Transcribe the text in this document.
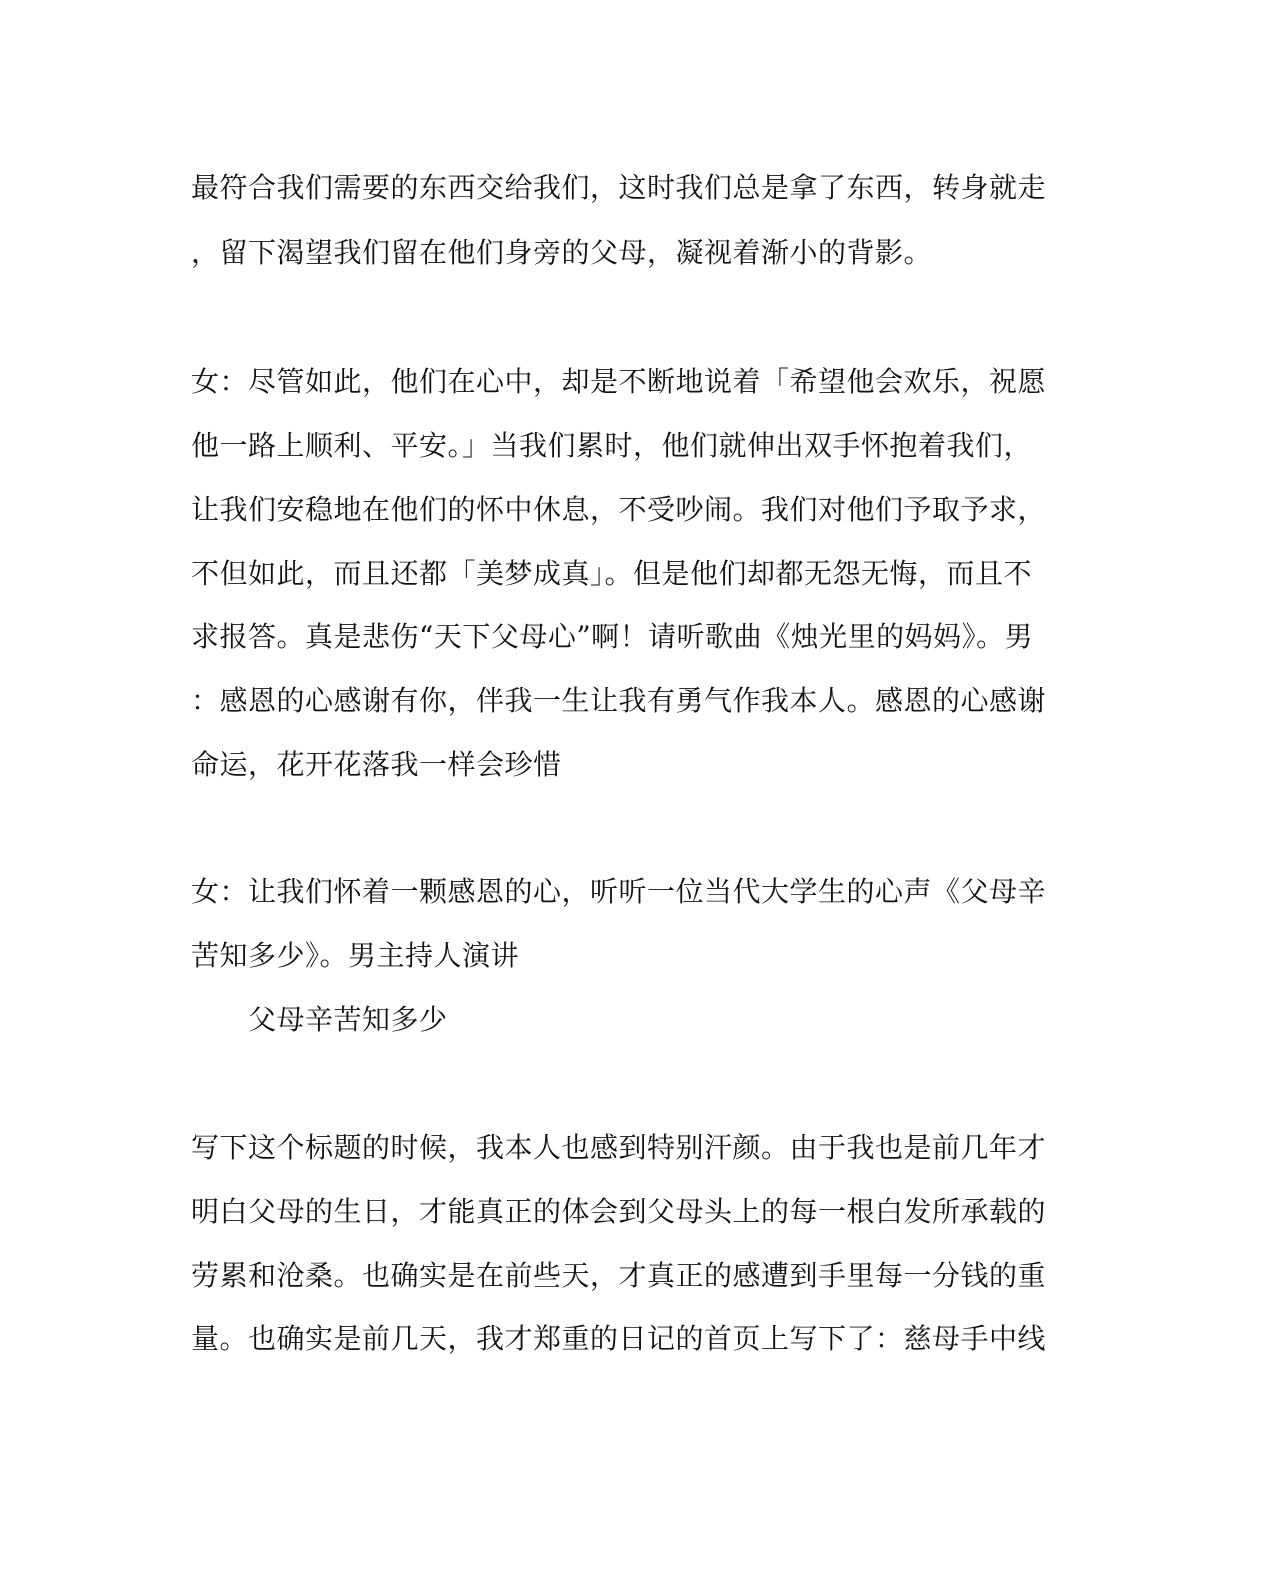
最符合我们需要的东西交给我们，这时我们总是拿了东西，转身就走
，留下渴望我们留在他们身旁的父母，凝视着渐小的背影。
女：尽管如此，他们在心中，却是不断地说着「希望他会欢乐，祝愿
他一路上顺利、平安。」当我们累时，他们就伸出双手怀抱着我们，
让我们安稳地在他们的怀中休息，不受吵闹。我们对他们予取予求，
不但如此，而且还都「美梦成真」。但是他们却都无怨无悔，而且不
求报答。真是悲伤“天下父母心”啊！请听歌曲《烛光里的妈妈》。男
：感恩的心感谢有你，伴我一生让我有勇气作我本人。感恩的心感谢
命运，花开花落我一样会珍惜
女：让我们怀着一颗感恩的心，听听一位当代大学生的心声《父母辛
苦知多少》。男主持人演讲
父母辛苦知多少
写下这个标题的时候，我本人也感到特别汗颜。由于我也是前几年才
明白父母的生日，才能真正的体会到父母头上的每一根白发所承载的
劳累和沧桑。也确实是在前些天，才真正的感遭到手里每一分钱的重
量。也确实是前几天，我才郑重的日记的首页上写下了：慈母手中线
